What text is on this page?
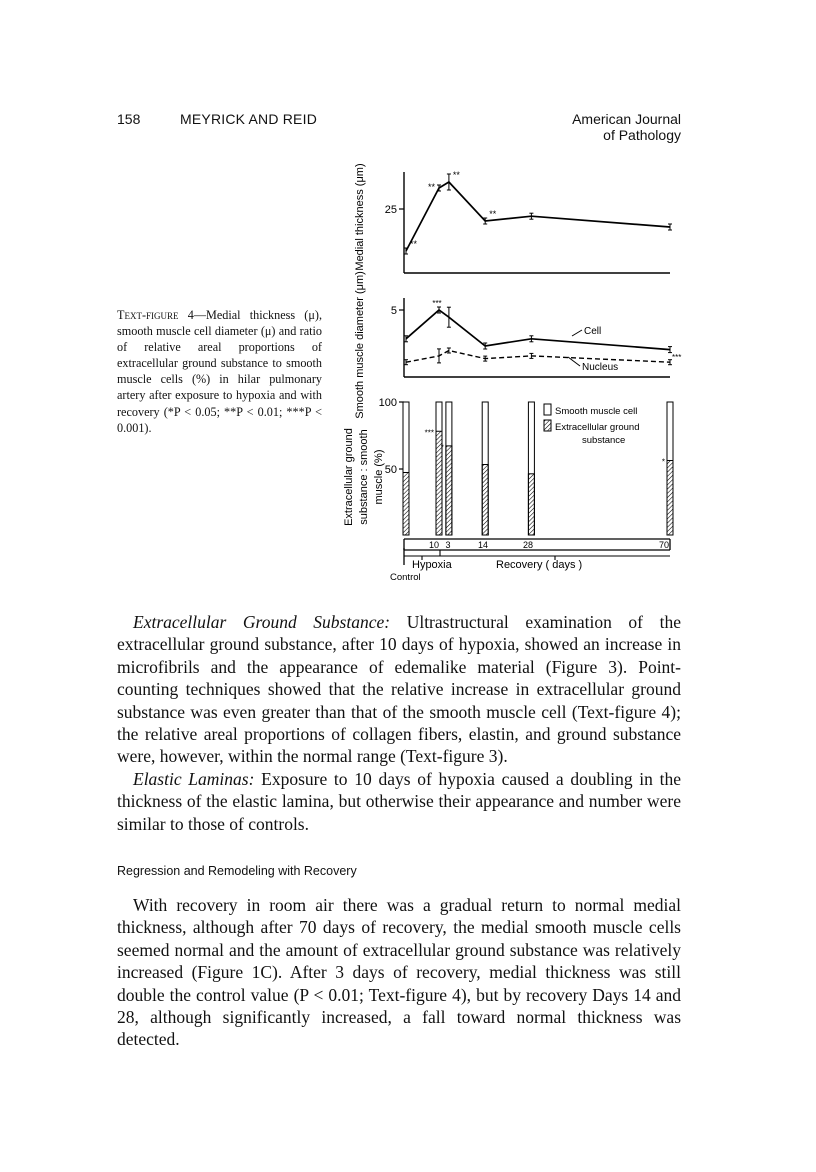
158	MEYRICK AND REID	American Journal
of Pathology
Text-figure 4—Medial thickness (μ), smooth muscle cell diameter (μ) and ratio of relative areal proportions of extracellular ground substance to smooth muscle cells (%) in hilar pulmonary artery after exposure to hypoxia and with recovery (*P < 0.05; **P < 0.01; ***P < 0.001).
Medial thickness (μm) 25
**
**
**
**
Smooth muscle diameter (μm) 5
***
***
Cell
Nucleus
Extracellular ground substance : smooth muscle (%)
100
50
***
*
*
Smooth muscle cell
Extracellular ground
substance
10 3	14	28	70
Hypoxia	Recovery ( days )
Control

Extracellular Ground Substance: Ultrastructural examination of the extracellular ground substance, after 10 days of hypoxia, showed an increase in microfibrils and the appearance of edemalike material (Figure 3). Point-counting techniques showed that the relative increase in extracellular ground substance was even greater than that of the smooth muscle cell (Text-figure 4); the relative areal proportions of collagen fibers, elastin, and ground substance were, however, within the normal range (Text-figure 3).

Elastic Laminas: Exposure to 10 days of hypoxia caused a doubling in the thickness of the elastic lamina, but otherwise their appearance and number were similar to those of controls.

Regression and Remodeling with Recovery

With recovery in room air there was a gradual return to normal medial thickness, although after 70 days of recovery, the medial smooth muscle cells seemed normal and the amount of extracellular ground substance was relatively increased (Figure 1C). After 3 days of recovery, medial thickness was still double the control value (P < 0.01; Text-figure 4), but by recovery Days 14 and 28, although significantly increased, a fall toward normal thickness was detected.
